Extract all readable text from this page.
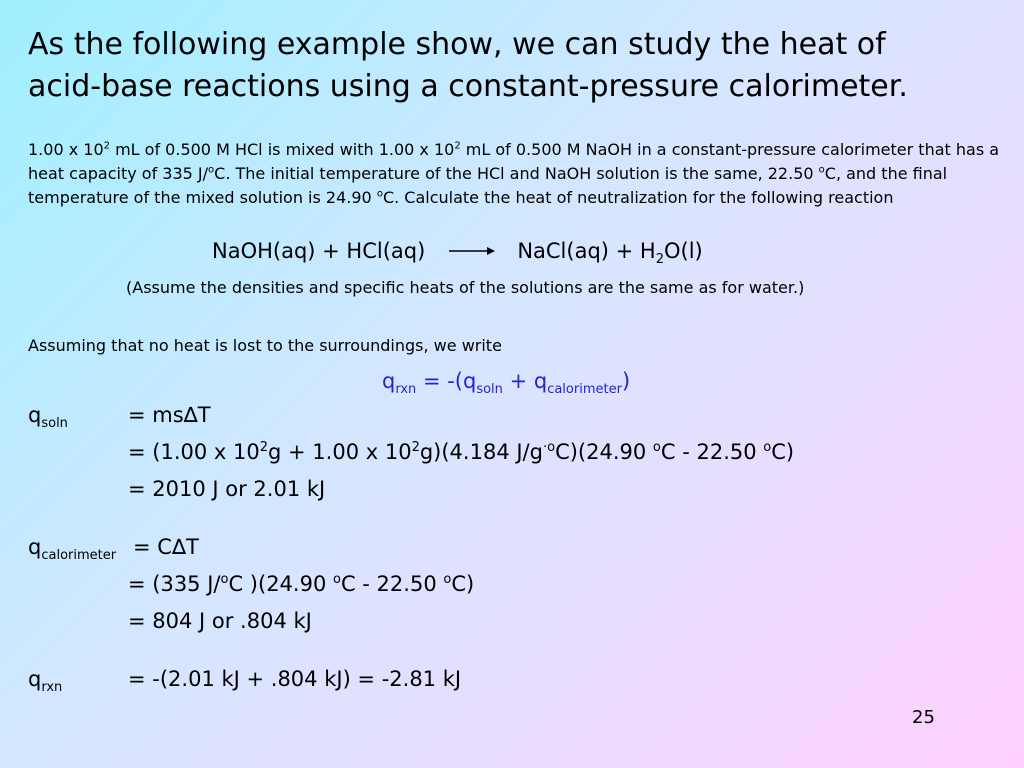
As the following example show, we can study the heat of
acid-base reactions using a constant-pressure calorimeter.
1.00 x $10^2$ mL of 0.500 M HCl is mixed with 1.00 x $10^2$ mL of 0.500 M NaOH in a constant-pressure calorimeter that has a heat capacity of 335 J/$^o$C. The initial temperature of the HCl and NaOH solution is the same, 22.50 $^o$C, and the final temperature of the mixed solution is 24.90 $^o$C. Calculate the heat of neutralization for the following reaction
NaOH(aq) + HCl(aq) → NaCl(aq) + $H_2O(l)$
(Assume the densities and specific heats of the solutions are the same as for water.)
Assuming that no heat is lost to the surroundings, we write
$q_{rxn} = -(q_{soln} + q_{calorimeter})$
$q_{soln}$	= ms∆T
= (1.00 x $10^2g + 1.00$ x $10^2g)(4.184$ $J/g^{\cdot o}C)(24.90$ $^o$C - 22.50 $^o$C)
= 2010 J or 2.01 kJ
$q_{calorimeter} = C\Delta T$
= (335 J/$^o$C )(24.90 $^o$C - 22.50 $^o$C)
= 804 J or .804 kJ
$q_{rxn}$	= -(2.01 kJ + .804 kJ) = -2.81 kJ
25
